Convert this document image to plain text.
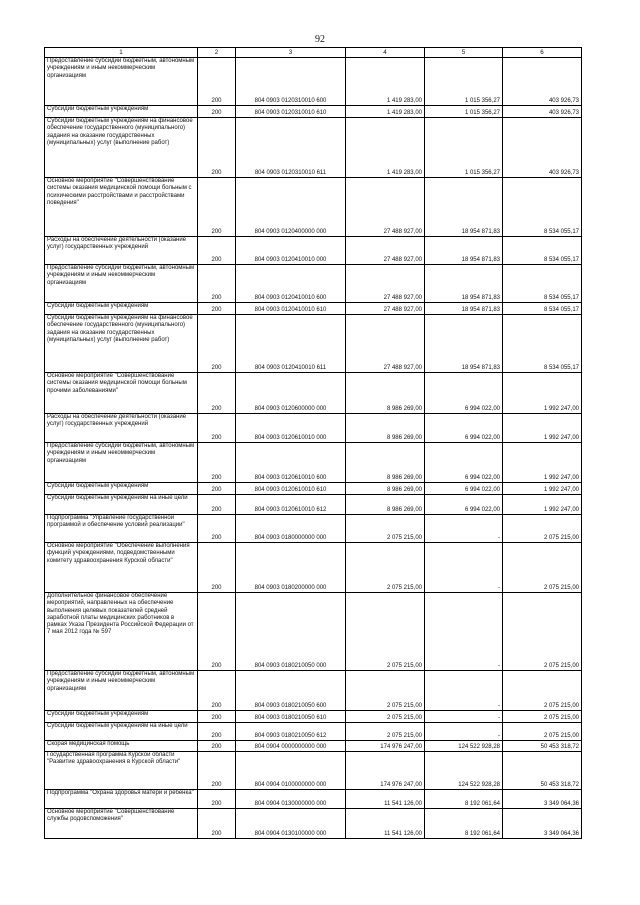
92
1	2	3	4	5	6
Предоставление субсидий бюджетным, автономным учреждениям и иным некоммерческим организациям	200	804 0903 0120310010 600	1 419 283,00	1 015 356,27	403 926,73
Субсидии бюджетным учреждениям	200	804 0903 0120310010 610	1 419 283,00	1 015 356,27	403 926,73
Субсидии бюджетным учреждениям на финансовое обеспечение государственного (муниципального) задания на оказание государственных (муниципальных) услуг (выполнение работ)	200	804 0903 0120310010 611	1 419 283,00	1 015 356,27	403 926,73
Основное мероприятие "Совершенствование системы оказания медицинской помощи больным с психическими расстройствами и расстройствами поведения"	200	804 0903 0120400000 000	27 488 927,00	18 954 871,83	8 534 055,17
Расходы на обеспечение деятельности (оказание услуг) государственных учреждений	200	804 0903 0120410010 000	27 488 927,00	18 954 871,83	8 534 055,17
Предоставление субсидий бюджетным, автономным учреждениям и иным некоммерческим организациям	200	804 0903 0120410010 600	27 488 927,00	18 954 871,83	8 534 055,17
Субсидии бюджетным учреждениям	200	804 0903 0120410010 610	27 488 927,00	18 954 871,83	8 534 055,17
Субсидии бюджетным учреждениям на финансовое обеспечение государственного (муниципального) задания на оказание государственных (муниципальных) услуг (выполнение работ)	200	804 0903 0120410010 611	27 488 927,00	18 954 871,83	8 534 055,17
Основное мероприятие "Совершенствование системы оказания медицинской помощи больным прочими заболеваниями"	200	804 0903 0120600000 000	8 986 269,00	6 994 022,00	1 992 247,00
Расходы на обеспечение деятельности (оказание услуг) государственных учреждений	200	804 0903 0120610010 000	8 986 269,00	6 994 022,00	1 992 247,00
Предоставление субсидий бюджетным, автономным учреждениям и иным некоммерческим организациям	200	804 0903 0120610010 600	8 986 269,00	6 994 022,00	1 992 247,00
Субсидии бюджетным учреждениям	200	804 0903 0120610010 610	8 986 269,00	6 994 022,00	1 992 247,00
Субсидии бюджетным учреждениям на иные цели	200	804 0903 0120610010 612	8 986 269,00	6 994 022,00	1 992 247,00
Подпрограмма "Управление государственной программой и обеспечение условий реализации"	200	804 0903 0180000000 000	2 075 215,00	-	2 075 215,00
Основное мероприятие "Обеспечение выполнения функций учреждениями, подведомственными комитету здравоохранения Курской области"	200	804 0903 0180200000 000	2 075 215,00	-	2 075 215,00
Дополнительное финансовое обеспечение мероприятий, направленных на обеспечение выполнения целевых показателей средней заработной платы медицинских работников в рамках Указа Президента Российской Федерации от 7 мая 2012 года № 597	200	804 0903 0180210050 000	2 075 215,00	-	2 075 215,00
Предоставление субсидий бюджетным, автономным учреждениям и иным некоммерческим организациям	200	804 0903 0180210050 600	2 075 215,00	-	2 075 215,00
Субсидии бюджетным учреждениям	200	804 0903 0180210050 610	2 075 215,00	-	2 075 215,00
Субсидии бюджетным учреждениям на иные цели	200	804 0903 0180210050 612	2 075 215,00	-	2 075 215,00
Скорая медицинская помощь	200	804 0904 0000000000 000	174 976 247,00	124 522 928,28	50 453 318,72
Государственная программа Курской области "Развитие здравоохранения в Курской области"	200	804 0904 0100000000 000	174 976 247,00	124 522 928,28	50 453 318,72
Подпрограмма "Охрана здоровья матери и ребенка"	200	804 0904 0130000000 000	11 541 126,00	8 192 061,64	3 349 064,36
Основное мероприятие "Совершенствование службы родовспоможения"	200	804 0904 0130100000 000	11 541 126,00	8 192 061,64	3 349 064,36
